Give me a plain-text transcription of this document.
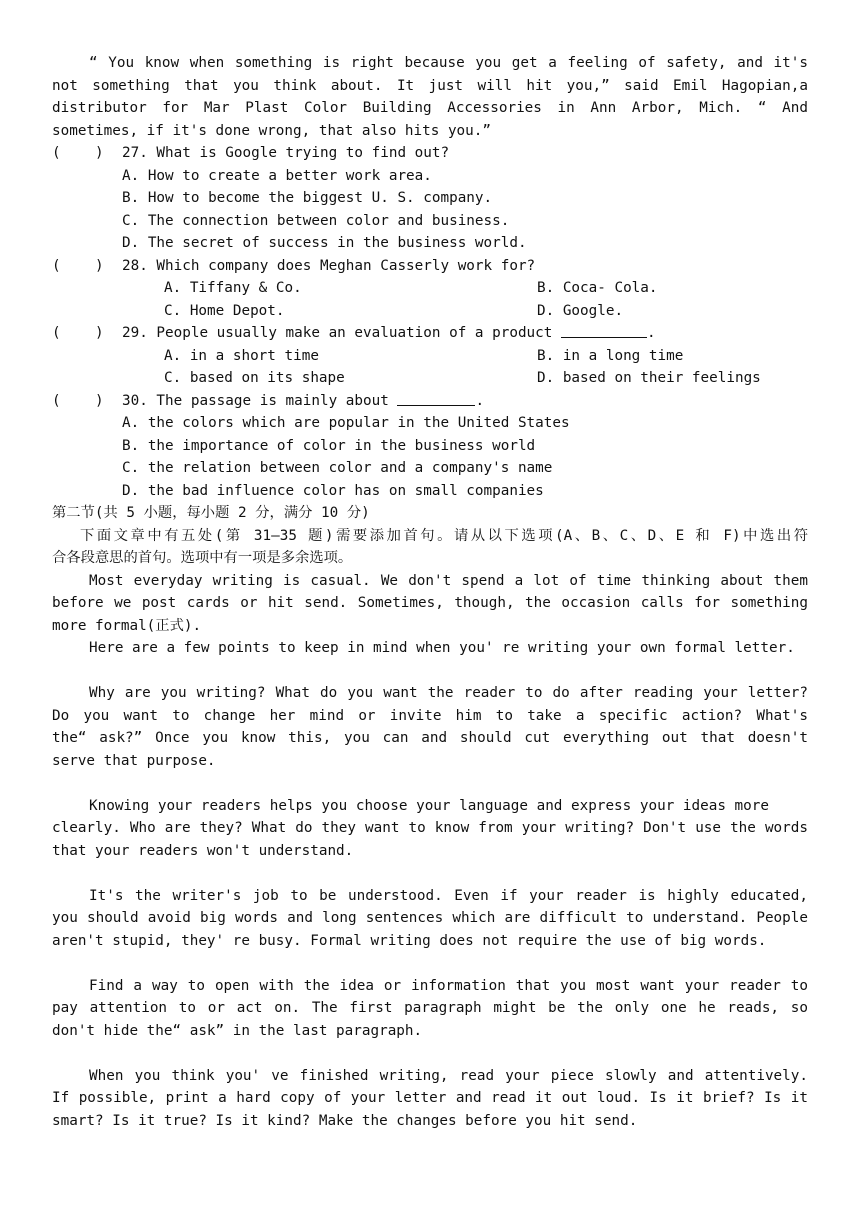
“ You know when something is right because you get a feeling of safety, and it's
not something that you think about. It just will hit you,” said Emil Hagopian,a
distributor for Mar Plast Color Building Accessories in Ann Arbor, Mich. “ And
sometimes, if it's done wrong, that also hits you.”
(    )	27. What is Google trying to find out?
A. How to create a better work area.
B. How to become the biggest U. S. company.
C. The connection between color and business.
D. The secret of success in the business world.
(    )	28. Which company does Meghan Casserly work for?
A. Tiffany & Co.	B. Coca- Cola.
C. Home Depot.	D. Google.
(    )	29. People usually make an evaluation of a product
	.
A. in a short time	B. in a long time
C. based on its shape	D. based on their feelings
(    )	30. The passage is mainly about
	.
A. the colors which are popular in the United States
B. the importance of color in the business world
C. the relation between color and a company's name
D. the bad influence color has on small companies
第二节(共 5 小题，每小题 2 分，满分 10 分)
下面文章中有五处(第 31—35 题)需要添加首句。请从以下选项(A、B、C、D、E 和 F)中选出符
合各段意思的首句。选项中有一项是多余选项。
Most everyday writing is casual. We don't spend a lot of time thinking about them
before we post cards or hit send. Sometimes, though, the occasion calls for something
more formal(正式).
Here are a few points to keep in mind when you' re writing your own formal letter.

Why are you writing? What do you want the reader to do after reading your letter?
Do you want to change her mind or invite him to take a specific action? What's
the“ ask?” Once you know this, you can and should cut everything out that doesn't
serve that purpose.

Knowing your readers helps you choose your language and express your ideas more
clearly. Who are they? What do they want to know from your writing? Don't use the words
that your readers won't understand.

It's the writer's job to be understood. Even if your reader is highly educated,
you should avoid big words and long sentences which are difficult to understand. People
aren't stupid, they' re busy. Formal writing does not require the use of big words.

Find a way to open with the idea or information that you most want your reader to
pay attention to or act on. The first paragraph might be the only one he reads, so
don't hide the“ ask” in the last paragraph.

When you think you' ve finished writing, read your piece slowly and attentively.
If possible, print a hard copy of your letter and read it out loud. Is it brief? Is it
smart? Is it true? Is it kind? Make the changes before you hit send.
